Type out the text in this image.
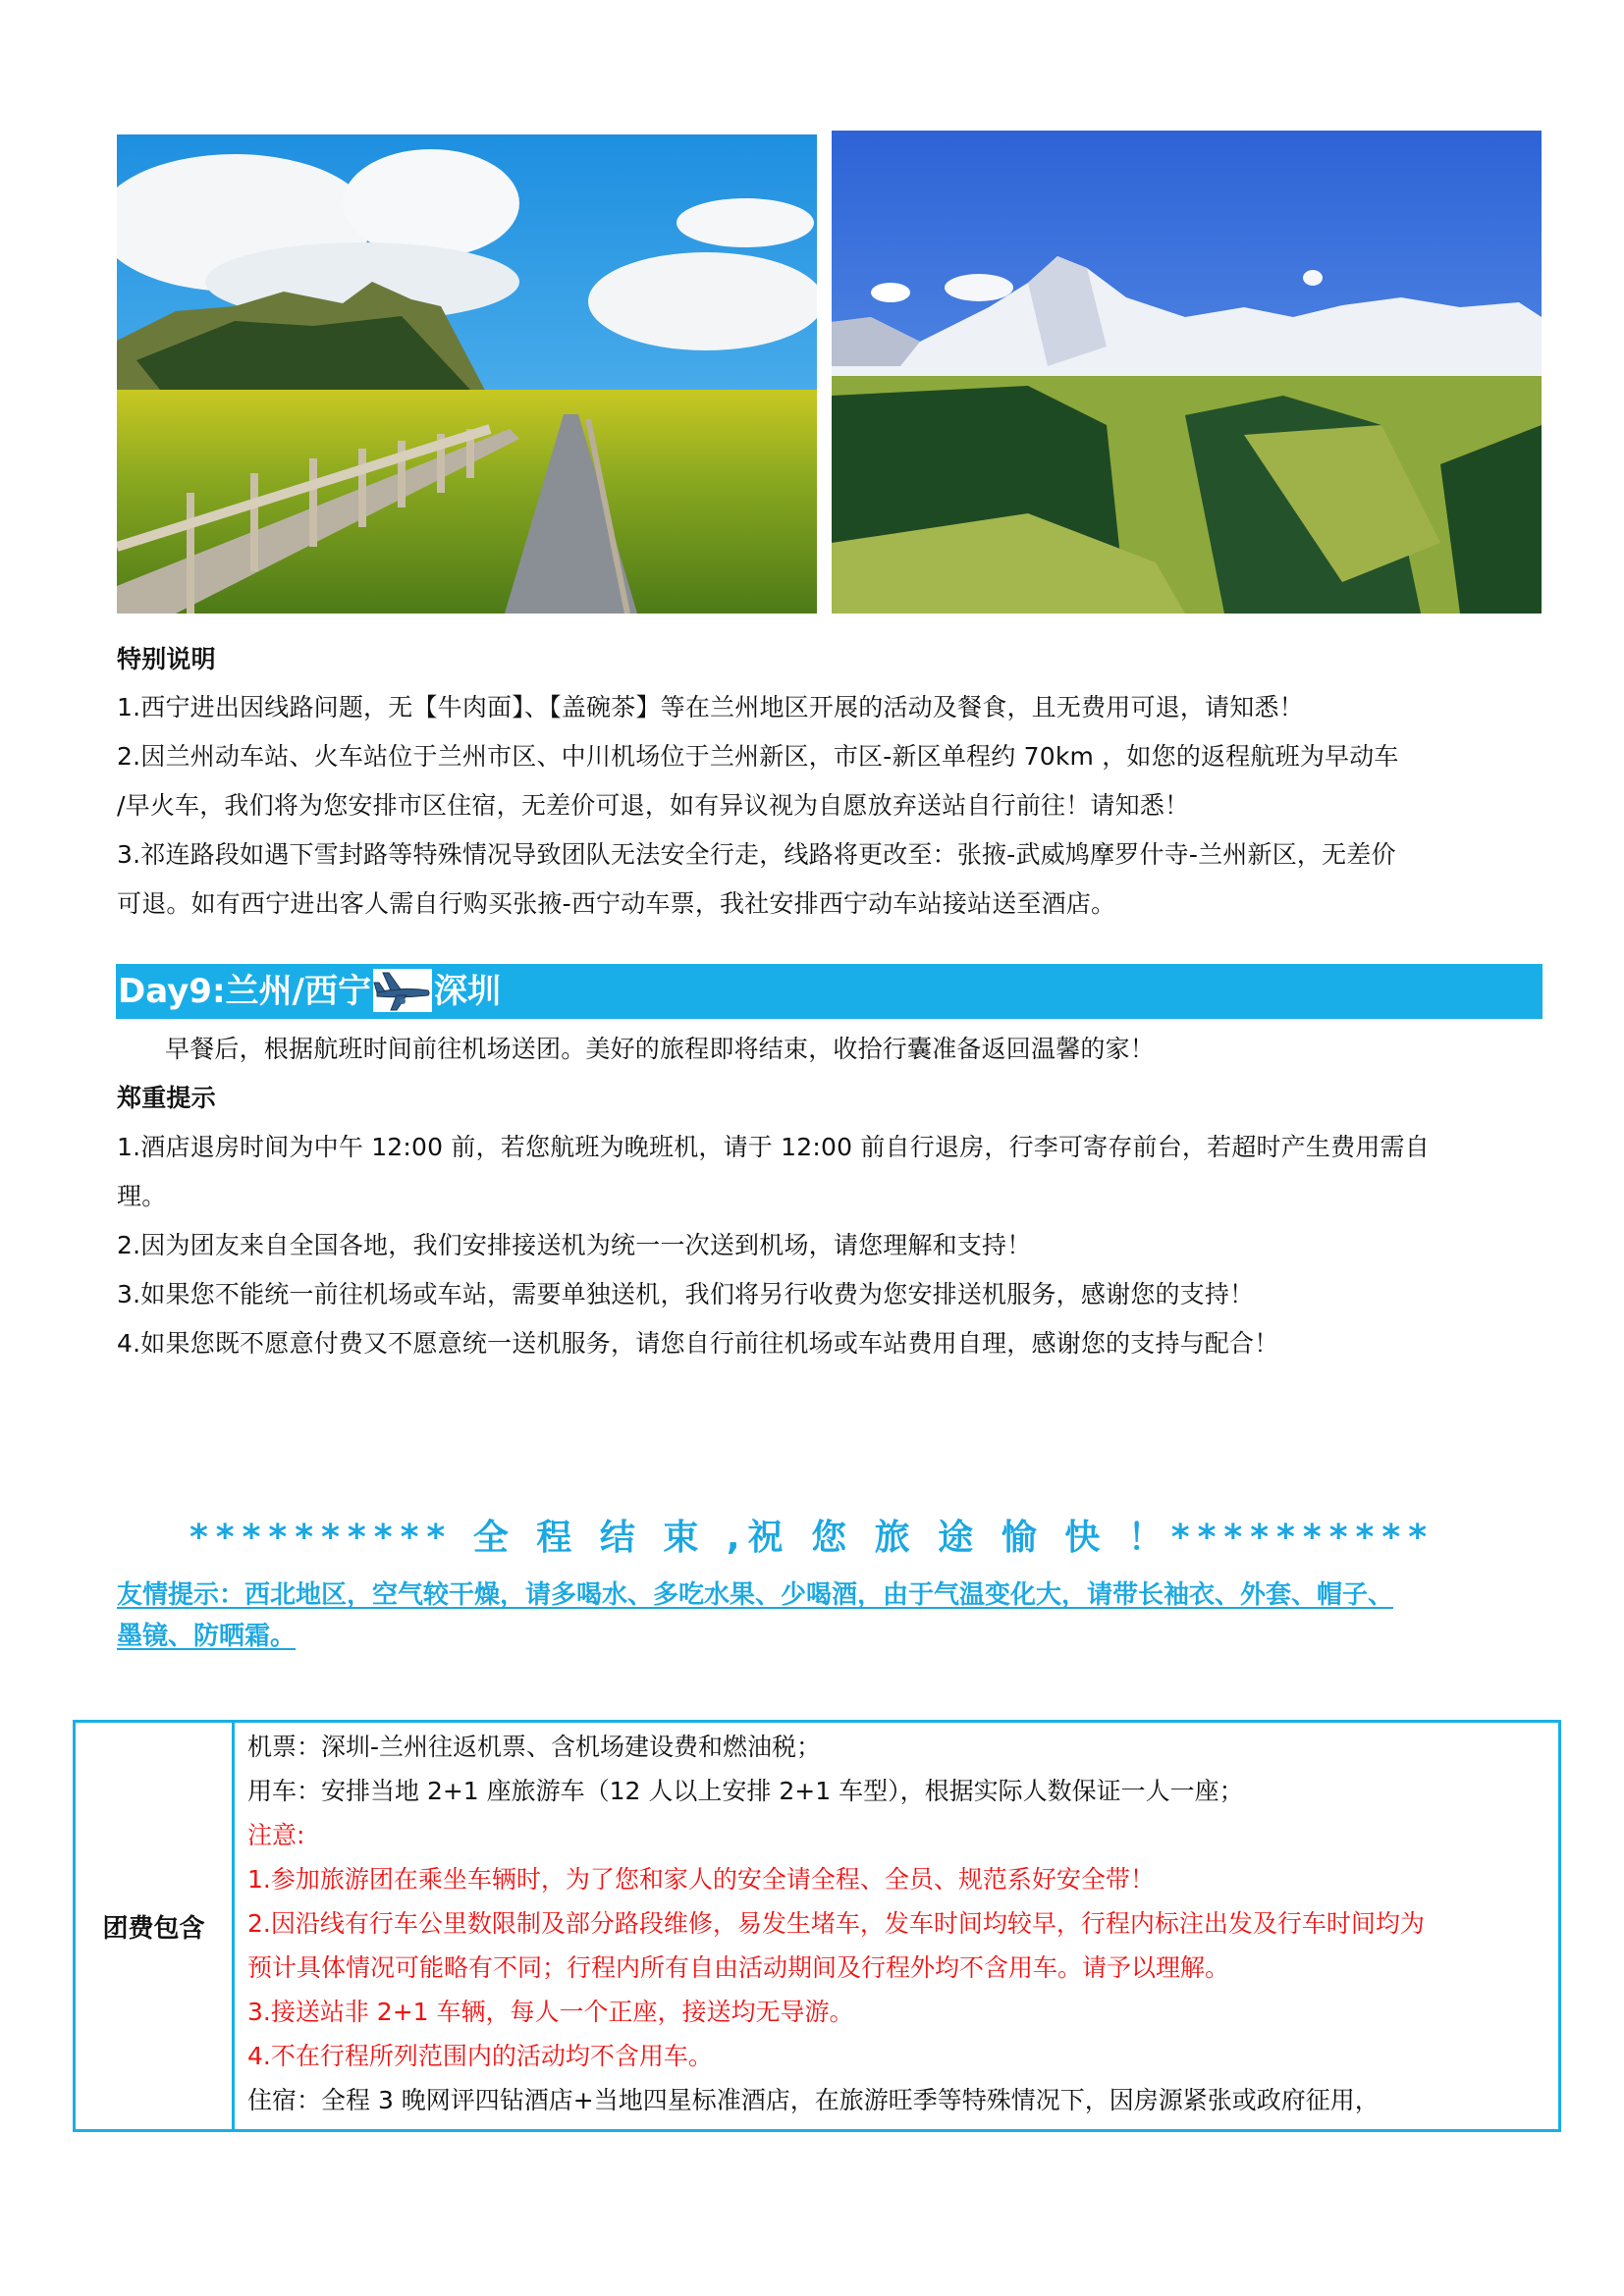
特别说明
1.西宁进出因线路问题，无【牛肉面】、【盖碗茶】等在兰州地区开展的活动及餐食，且无费用可退，请知悉！
2.因兰州动车站、火车站位于兰州市区、中川机场位于兰州新区，市区-新区单程约 70km ，如您的返程航班为早动车
/早火车，我们将为您安排市区住宿，无差价可退，如有异议视为自愿放弃送站自行前往！请知悉！
3.祁连路段如遇下雪封路等特殊情况导致团队无法安全行走，线路将更改至：张掖-武威鸠摩罗什寺-兰州新区，无差价
可退。如有西宁进出客人需自行购买张掖-西宁动车票，我社安排西宁动车站接站送至酒店。
Day9:兰州/西宁 深圳
早餐后，根据航班时间前往机场送团。美好的旅程即将结束，收拾行囊准备返回温馨的家！
郑重提示
1.酒店退房时间为中午 12:00 前，若您航班为晚班机，请于 12:00 前自行退房，行李可寄存前台，若超时产生费用需自
理。
2.因为团友来自全国各地，我们安排接送机为统一一次送到机场，请您理解和支持！
3.如果您不能统一前往机场或车站，需要单独送机，我们将另行收费为您安排送机服务，感谢您的支持！
4.如果您既不愿意付费又不愿意统一送机服务，请您自行前往机场或车站费用自理，感谢您的支持与配合！
********** 全 程 结 束 ,祝 您 旅 途 愉 快 ！**********
友情提示：西北地区，空气较干燥，请多喝水、多吃水果、少喝酒，由于气温变化大，请带长袖衣、外套、帽子、
墨镜、防晒霜。
团费包含
机票：深圳-兰州往返机票、含机场建设费和燃油税；
用车：安排当地 2+1 座旅游车（12 人以上安排 2+1 车型），根据实际人数保证一人一座；
注意:
1.参加旅游团在乘坐车辆时，为了您和家人的安全请全程、全员、规范系好安全带！
2.因沿线有行车公里数限制及部分路段维修，易发生堵车，发车时间均较早，行程内标注出发及行车时间均为
预计具体情况可能略有不同；行程内所有自由活动期间及行程外均不含用车。请予以理解。
3.接送站非 2+1 车辆，每人一个正座，接送均无导游。
4.不在行程所列范围内的活动均不含用车。
住宿：全程 3 晚网评四钻酒店+当地四星标准酒店，在旅游旺季等特殊情况下，因房源紧张或政府征用，
